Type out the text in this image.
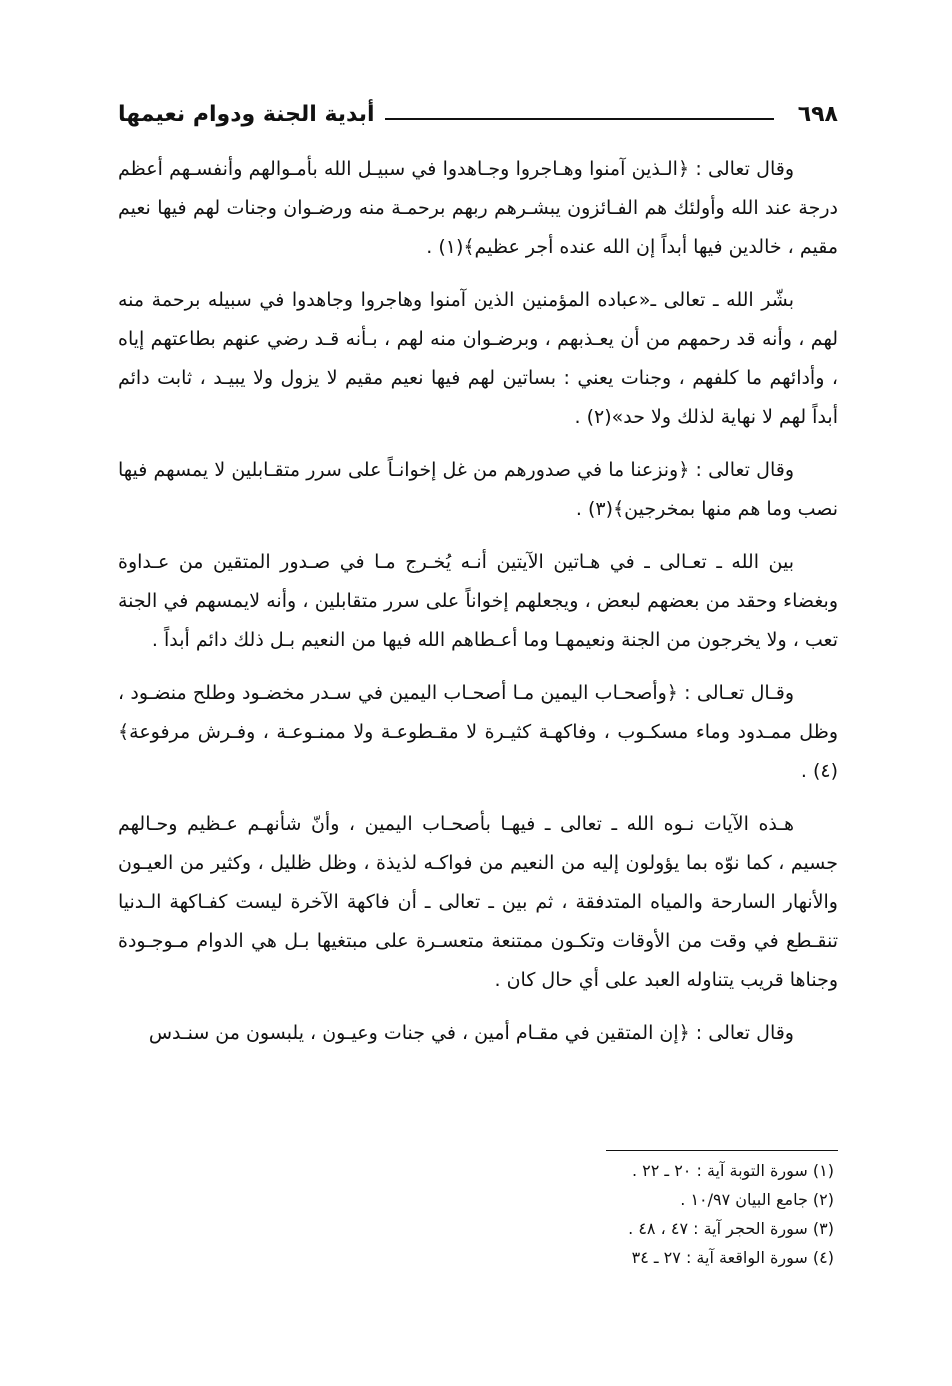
٦٩٨
أبدية الجنة ودوام نعيمها

وقال تعالى : ﴿الـذين آمنوا وهـاجروا وجـاهدوا في سبيـل الله بأمـوالهم وأنفسـهم أعظم درجة عند الله وأولئك هم الفـائزون يبشـرهم ربهم برحمـة منه ورضـوان وجنات لهم فيها نعيم مقيم ، خالدين فيها أبداً إن الله عنده أجر عظيم﴾(١) .

بشّر الله ـ تعالى ـ«عباده المؤمنين الذين آمنوا وهاجروا وجاهدوا في سبيله برحمة منه لهم ، وأنه قد رحمهم من أن يعـذبهم ، وبرضـوان منه لهم ، بـأنه قـد رضي عنهم بطاعتهم إياه ، وأدائهم ما كلفهم ، وجنات يعني : بساتين لهم فيها نعيم مقيم لا يزول ولا يبيـد ، ثابت دائم أبداً لهم لا نهاية لذلك ولا حد»(٢) .

وقال تعالى : ﴿ونزعنا ما في صدورهم من غل إخوانـاً على سرر متقـابلين لا يمسهم فيها نصب وما هم منها بمخرجين﴾(٣) .

بين الله ـ تعـالى ـ في هـاتين الآيتين أنـه يُخـرج مـا في صـدور المتقين من عـداوة وبغضاء وحقد من بعضهم لبعض ، ويجعلهم إخواناً على سرر متقابلين ، وأنه لايمسهم في الجنة تعب ، ولا يخرجون من الجنة ونعيمهـا وما أعـطاهم الله فيها من النعيم بـل ذلك دائم أبداً .

وقـال تعـالى : ﴿وأصحـاب اليمين مـا أصحـاب اليمين في سـدر مخضـود وطلح منضـود ، وظل ممـدود وماء مسكـوب ، وفاكهـة كثيـرة لا مقـطوعـة ولا ممنـوعـة ، وفـرش مرفوعة﴾(٤) .

هـذه الآيات نـوه الله ـ تعالى ـ فيهـا بأصحـاب اليمين ، وأنّ شأنهـم عـظيم وحـالهم جسيم ، كما نوّه بما يؤولون إليه من النعيم من فواكـه لذيذة ، وظل ظليل ، وكثير من العيـون والأنهار السارحة والمياه المتدفقة ، ثم بين ـ تعالى ـ أن فاكهة الآخرة ليست كفـاكهة الـدنيا تنقـطع في وقت من الأوقات وتكـون ممتنعة متعسـرة على مبتغيها بـل هي الدوام مـوجـودة وجناها قريب يتناوله العبد على أي حال كان .

وقال تعالى : ﴿إن المتقين في مقـام أمين ، في جنات وعيـون ، يلبسون من سنـدس

(١) سورة التوبة آية : ٢٠ ـ ٢٢ .

(٢) جامع البيان ١٠/٩٧ .

(٣) سورة الحجر آية : ٤٧ ، ٤٨ .

(٤) سورة الواقعة آية : ٢٧ ـ ٣٤
